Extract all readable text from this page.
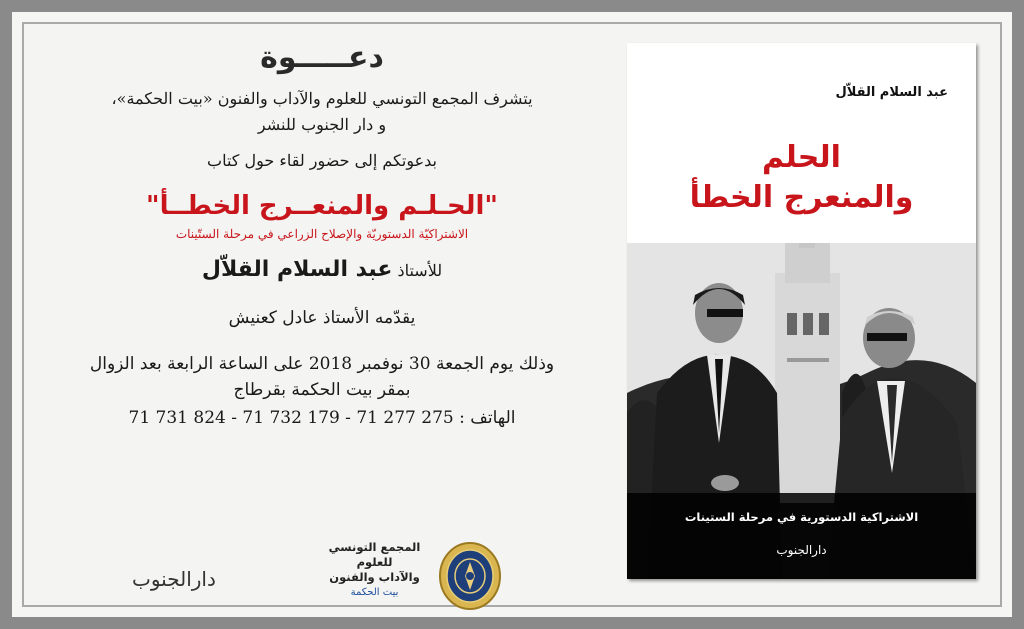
دعـــــوة
يتشرف المجمع التونسي للعلوم والآداب والفنون «بيت الحكمة»،
و دار الجنوب للنشر
بدعوتكم إلى حضور لقاء حول كتاب
"الحـلـم والمنعــرج الخطــأ"
الاشتراكيّة الدستوريّة والإصلاح الزراعي في مرحلة الستّينات
للأستاذ عبد السلام القلاّل
يقدّمه الأستاذ عادل كعنيش
وذلك يوم الجمعة 30 نوفمبر 2018 على الساعة الرابعة بعد الزوال
بمقر بيت الحكمة بقرطاج
الهاتف : 275 277 71 - 179 732 71 - 824 731 71
دارالجنوب
المجمع التونسي للعلوم
والآداب والفنون
بيت الحكمة
عبد السلام القلاّل
الحلم
والمنعرج الخطأ
الاشتراكية الدستورية في مرحلة الستينات
دارالجنوب
